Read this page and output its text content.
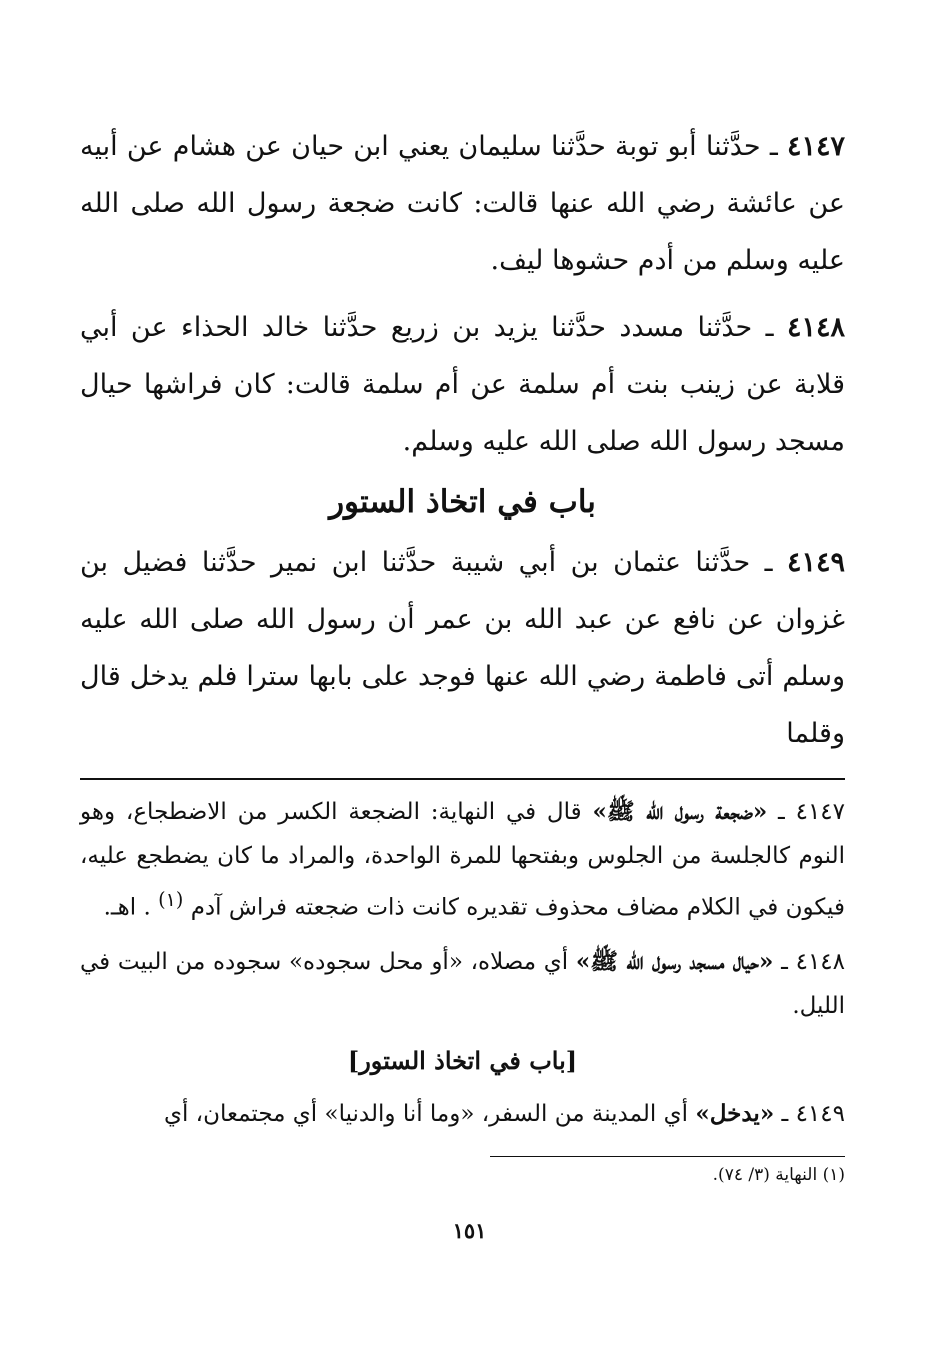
٤١٤٧ ـ حدَّثنا أبو توبة حدَّثنا سليمان يعني ابن حيان عن هشام عن أبيه عن عائشة رضي الله عنها قالت: كانت ضجعة رسول الله صلى الله عليه وسلم من أدم حشوها ليف.

٤١٤٨ ـ حدَّثنا مسدد حدَّثنا يزيد بن زريع حدَّثنا خالد الحذاء عن أبي قلابة عن زينب بنت أم سلمة عن أم سلمة قالت: كان فراشها حيال مسجد رسول الله صلى الله عليه وسلم.

باب في اتخاذ الستور

٤١٤٩ ـ حدَّثنا عثمان بن أبي شيبة حدَّثنا ابن نمير حدَّثنا فضيل بن غزوان عن نافع عن عبد الله بن عمر أن رسول الله صلى الله عليه وسلم أتى فاطمة رضي الله عنها فوجد على بابها سترا فلم يدخل قال وقلما

٤١٤٧ ـ «ضجعة رسول الله ﷺ» قال في النهاية: الضجعة الكسر من الاضطجاع، وهو النوم كالجلسة من الجلوس وبفتحها للمرة الواحدة، والمراد ما كان يضطجع عليه، فيكون في الكلام مضاف محذوف تقديره كانت ذات ضجعته فراش آدم $^{(١)}$ . اهـ.

٤١٤٨ ـ «حيال مسجد رسول الله ﷺ» أي مصلاه، «أو محل سجوده» سجوده من البيت في الليل.

[باب في اتخاذ الستور]

٤١٤٩ ـ «يدخل» أي المدينة من السفر، «وما أنا والدنيا» أي مجتمعان، أي

(١) النهاية (٣/ ٧٤).
١٥١
